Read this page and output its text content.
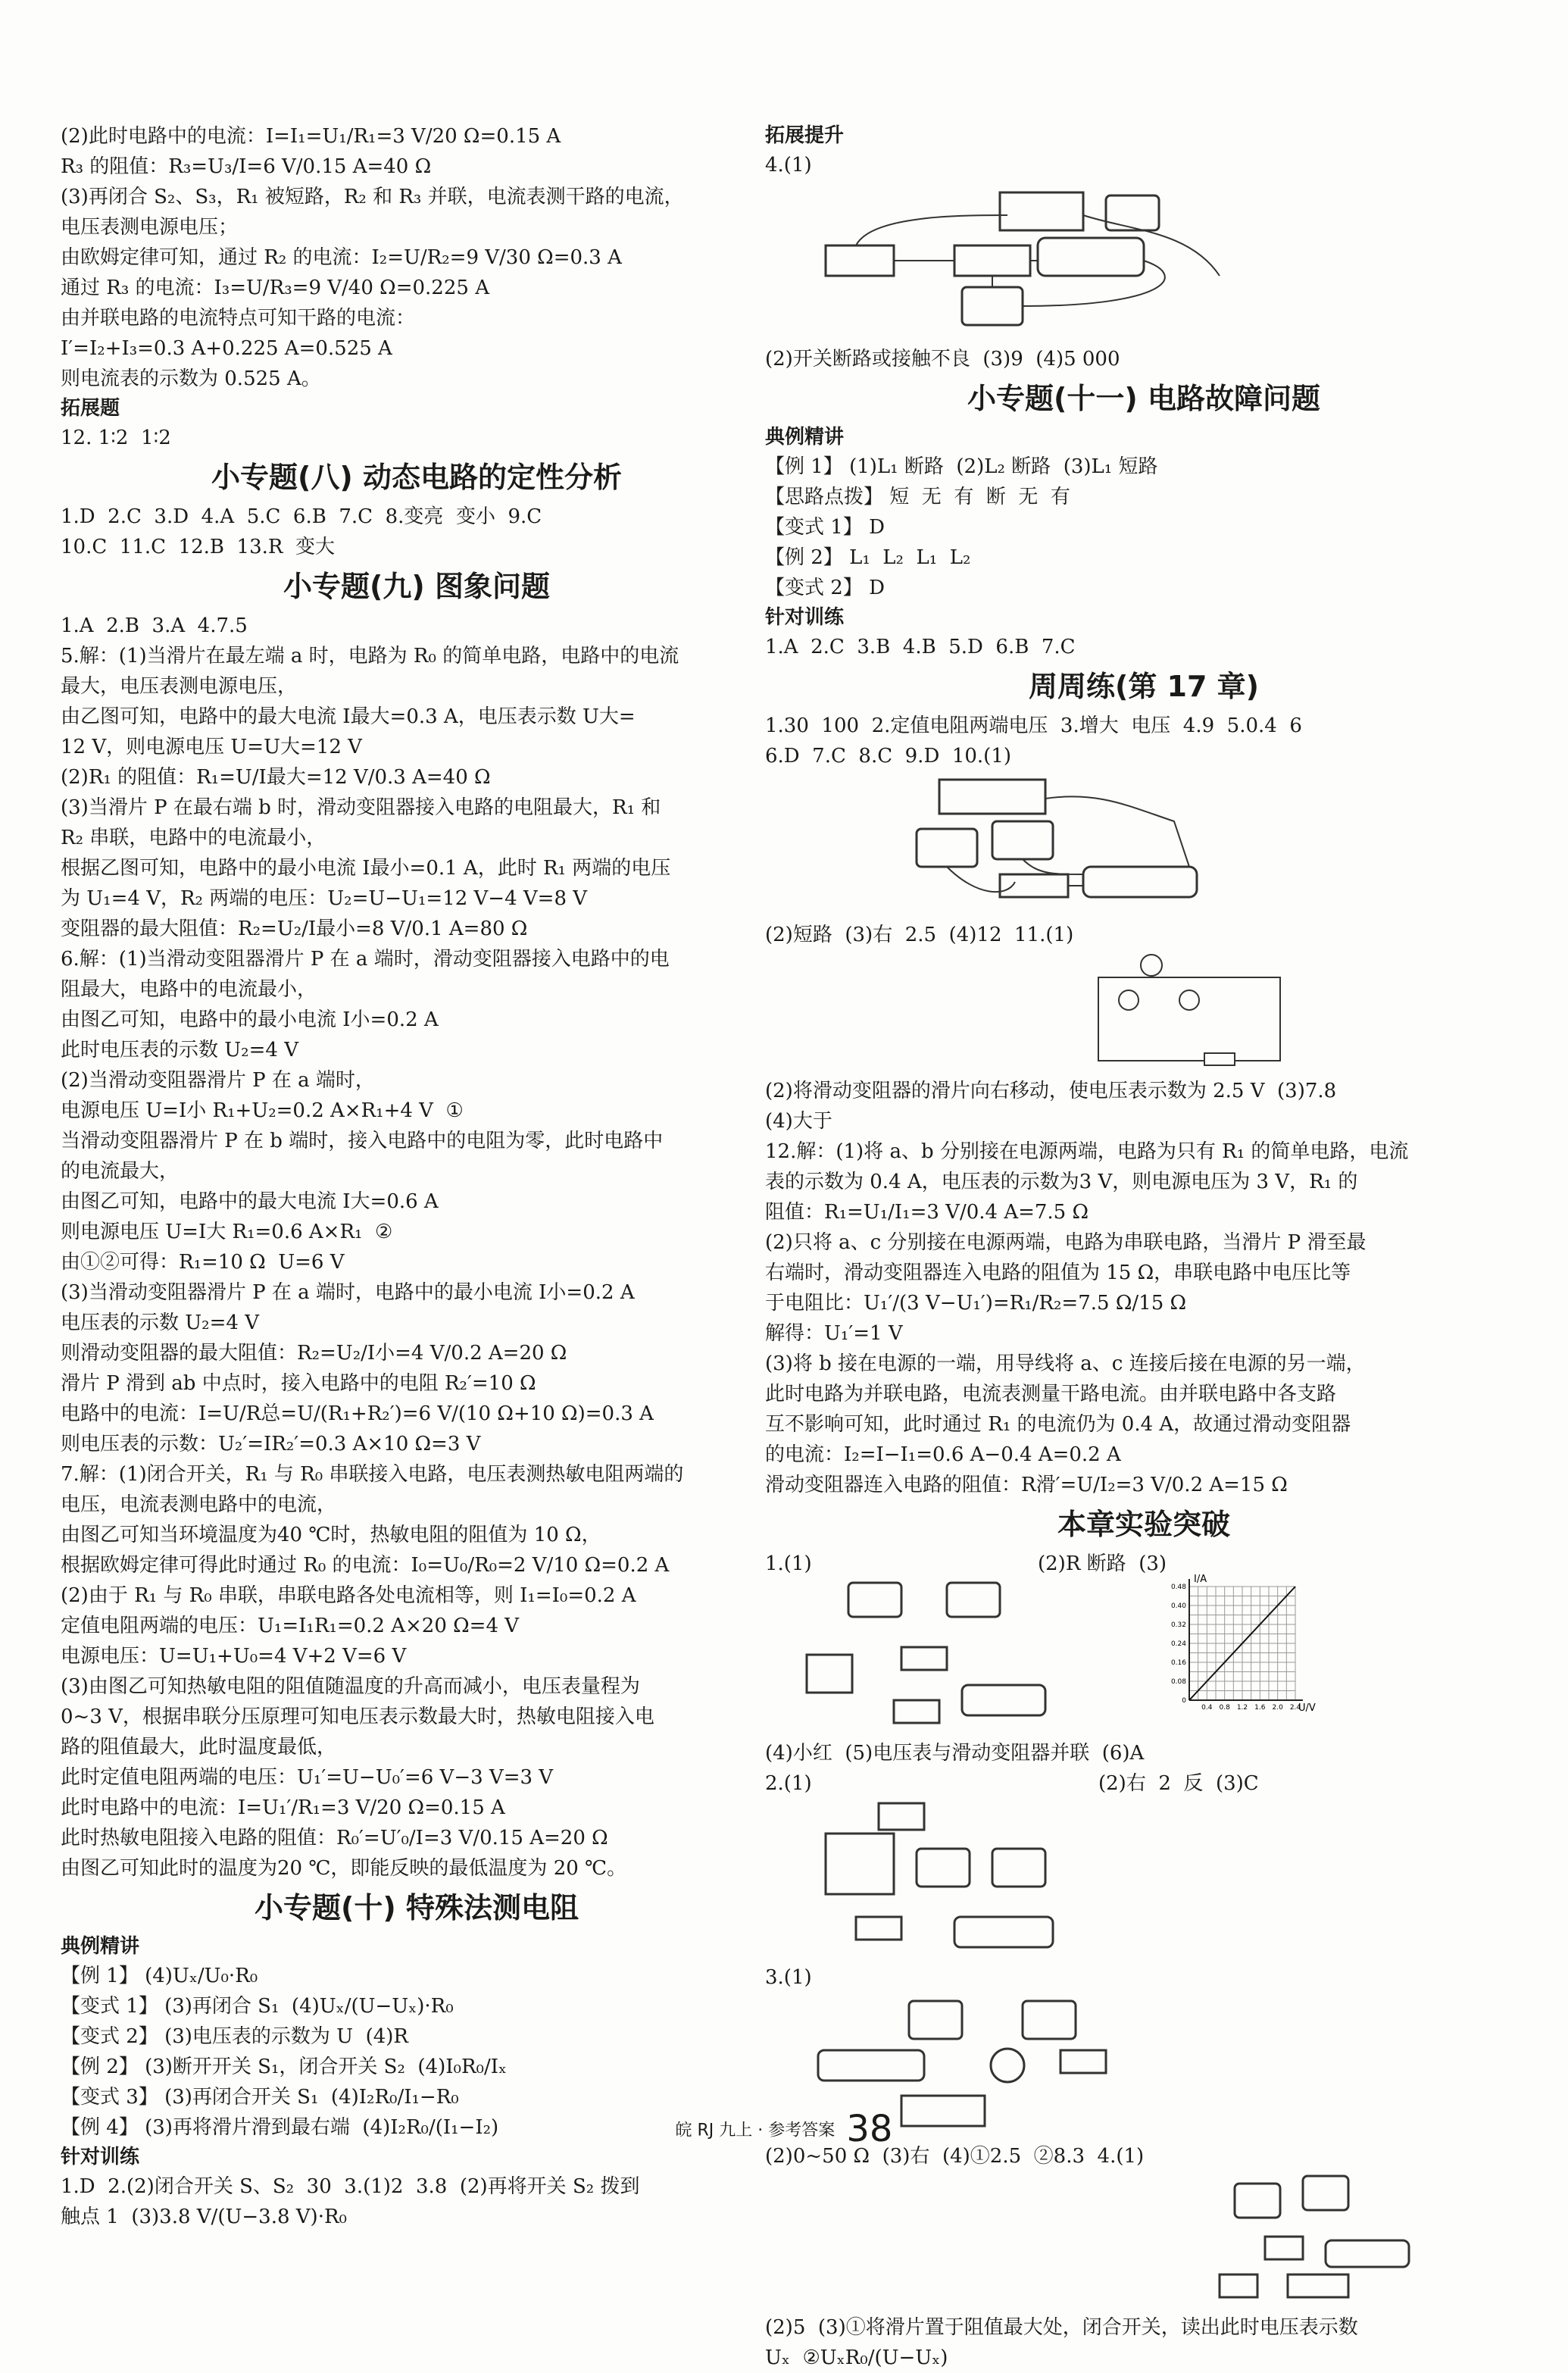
(2)此时电路中的电流：I=I₁=U₁/R₁=3 V/20 Ω=0.15 A
R₃ 的阻值：R₃=U₃/I=6 V/0.15 A=40 Ω
(3)再闭合 S₂、S₃，R₁ 被短路，R₂ 和 R₃ 并联，电流表测干路的电流，
电压表测电源电压；
由欧姆定律可知，通过 R₂ 的电流：I₂=U/R₂=9 V/30 Ω=0.3 A
通过 R₃ 的电流：I₃=U/R₃=9 V/40 Ω=0.225 A
由并联电路的电流特点可知干路的电流：
I′=I₂+I₃=0.3 A+0.225 A=0.525 A
则电流表的示数为 0.525 A。
拓展题
12. 1∶2  1∶2
小专题(八) 动态电路的定性分析
1.D  2.C  3.D  4.A  5.C  6.B  7.C  8.变亮  变小  9.C
10.C  11.C  12.B  13.R  变大
小专题(九) 图象问题
1.A  2.B  3.A  4.7.5
5.解：(1)当滑片在最左端 a 时，电路为 R₀ 的简单电路，电路中的电流
最大，电压表测电源电压，
由乙图可知，电路中的最大电流 I最大=0.3 A，电压表示数 U大=
12 V，则电源电压 U=U大=12 V
(2)R₁ 的阻值：R₁=U/I最大=12 V/0.3 A=40 Ω
(3)当滑片 P 在最右端 b 时，滑动变阻器接入电路的电阻最大，R₁ 和
R₂ 串联，电路中的电流最小，
根据乙图可知，电路中的最小电流 I最小=0.1 A，此时 R₁ 两端的电压
为 U₁=4 V，R₂ 两端的电压：U₂=U−U₁=12 V−4 V=8 V
变阻器的最大阻值：R₂=U₂/I最小=8 V/0.1 A=80 Ω
6.解：(1)当滑动变阻器滑片 P 在 a 端时，滑动变阻器接入电路中的电
阻最大，电路中的电流最小，
由图乙可知，电路中的最小电流 I小=0.2 A
此时电压表的示数 U₂=4 V
(2)当滑动变阻器滑片 P 在 a 端时，
电源电压 U=I小 R₁+U₂=0.2 A×R₁+4 V  ①
当滑动变阻器滑片 P 在 b 端时，接入电路中的电阻为零，此时电路中
的电流最大，
由图乙可知，电路中的最大电流 I大=0.6 A
则电源电压 U=I大 R₁=0.6 A×R₁  ②
由①②可得：R₁=10 Ω  U=6 V
(3)当滑动变阻器滑片 P 在 a 端时，电路中的最小电流 I小=0.2 A
电压表的示数 U₂=4 V
则滑动变阻器的最大阻值：R₂=U₂/I小=4 V/0.2 A=20 Ω
滑片 P 滑到 ab 中点时，接入电路中的电阻 R₂′=10 Ω
电路中的电流：I=U/R总=U/(R₁+R₂′)=6 V/(10 Ω+10 Ω)=0.3 A
则电压表的示数：U₂′=IR₂′=0.3 A×10 Ω=3 V
7.解：(1)闭合开关，R₁ 与 R₀ 串联接入电路，电压表测热敏电阻两端的
电压，电流表测电路中的电流，
由图乙可知当环境温度为40 ℃时，热敏电阻的阻值为 10 Ω，
根据欧姆定律可得此时通过 R₀ 的电流：I₀=U₀/R₀=2 V/10 Ω=0.2 A
(2)由于 R₁ 与 R₀ 串联，串联电路各处电流相等，则 I₁=I₀=0.2 A
定值电阻两端的电压：U₁=I₁R₁=0.2 A×20 Ω=4 V
电源电压：U=U₁+U₀=4 V+2 V=6 V
(3)由图乙可知热敏电阻的阻值随温度的升高而减小，电压表量程为
0~3 V，根据串联分压原理可知电压表示数最大时，热敏电阻接入电
路的阻值最大，此时温度最低，
此时定值电阻两端的电压：U₁′=U−U₀′=6 V−3 V=3 V
此时电路中的电流：I=U₁′/R₁=3 V/20 Ω=0.15 A
此时热敏电阻接入电路的阻值：R₀′=U′₀/I=3 V/0.15 A=20 Ω
由图乙可知此时的温度为20 ℃，即能反映的最低温度为 20 ℃。
小专题(十) 特殊法测电阻
典例精讲
【例 1】 (4)Uₓ/U₀·R₀
【变式 1】 (3)再闭合 S₁  (4)Uₓ/(U−Uₓ)·R₀
【变式 2】 (3)电压表的示数为 U  (4)R
【例 2】 (3)断开开关 S₁，闭合开关 S₂  (4)I₀R₀/Iₓ
【变式 3】 (3)再闭合开关 S₁  (4)I₂R₀/I₁−R₀
【例 4】 (3)再将滑片滑到最右端  (4)I₂R₀/(I₁−I₂)
针对训练
1.D  2.(2)闭合开关 S、S₂  30  3.(1)2  3.8  (2)再将开关 S₂ 拨到
触点 1  (3)3.8 V/(U−3.8 V)·R₀
拓展提升
4.(1)
(2)开关断路或接触不良  (3)9  (4)5 000
小专题(十一) 电路故障问题
典例精讲
【例 1】 (1)L₁ 断路  (2)L₂ 断路  (3)L₁ 短路
【思路点拨】 短  无  有  断  无  有
【变式 1】 D
【例 2】 L₁  L₂  L₁  L₂
【变式 2】 D
针对训练
1.A  2.C  3.B  4.B  5.D  6.B  7.C
周周练(第 17 章)
1.30  100  2.定值电阻两端电压  3.增大  电压  4.9  5.0.4  6
6.D  7.C  8.C  9.D  10.(1)
(2)短路  (3)右  2.5  (4)12  11.(1)
(2)将滑动变阻器的滑片向右移动，使电压表示数为 2.5 V  (3)7.8
(4)大于
12.解：(1)将 a、b 分别接在电源两端，电路为只有 R₁ 的简单电路，电流
表的示数为 0.4 A，电压表的示数为3 V，则电源电压为 3 V，R₁ 的
阻值：R₁=U₁/I₁=3 V/0.4 A=7.5 Ω
(2)只将 a、c 分别接在电源两端，电路为串联电路，当滑片 P 滑至最
右端时，滑动变阻器连入电路的阻值为 15 Ω，串联电路中电压比等
于电阻比：U₁′/(3 V−U₁′)=R₁/R₂=7.5 Ω/15 Ω
解得：U₁′=1 V
(3)将 b 接在电源的一端，用导线将 a、c 连接后接在电源的另一端，
此时电路为并联电路，电流表测量干路电流。由并联电路中各支路
互不影响可知，此时通过 R₁ 的电流仍为 0.4 A，故通过滑动变阻器
的电流：I₂=I−I₁=0.6 A−0.4 A=0.2 A
滑动变阻器连入电路的阻值：R滑′=U/I₂=3 V/0.2 A=15 Ω
本章实验突破
1.(1)	(2)R 断路  (3)
0.48
0.40
0.32
0.24
0.16
0.08
0
0.4 0.8 1.2 1.6 2.0 2.4
I/A
U/V
(4)小红  (5)电压表与滑动变阻器并联  (6)A
2.(1)	(2)右  2  反  (3)C
3.(1)
(2)0~50 Ω  (3)右  (4)①2.5  ②8.3  4.(1)
(2)5  (3)①将滑片置于阻值最大处，闭合开关，读出此时电压表示数
Uₓ  ②UₓR₀/(U−Uₓ)
皖 RJ 九上 · 参考答案 38
